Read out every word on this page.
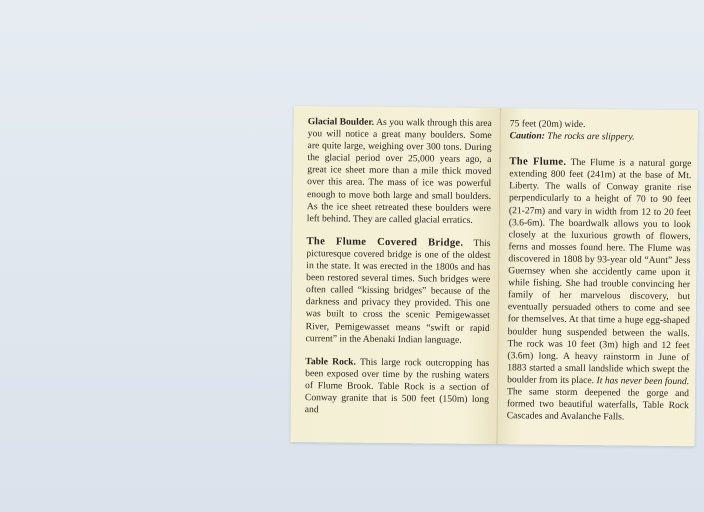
Glacial Boulder. As you walk through this area you will notice a great many boulders. Some are quite large, weighing over 300 tons. During the glacial period over 25,000 years ago, a great ice sheet more than a mile thick moved over this area. The mass of ice was powerful enough to move both large and small boulders. As the ice sheet retreated these boulders were left behind. They are called glacial erratics.

The Flume Covered Bridge. This picturesque covered bridge is one of the oldest in the state. It was erected in the 1800s and has been restored several times. Such bridges were often called “kissing bridges” because of the darkness and privacy they provided. This one was built to cross the scenic Pemigewasset River, Pemigewasset means “swift or rapid current” in the Abenaki Indian language.

Table Rock. This large rock outcropping has been exposed over time by the rushing waters of Flume Brook. Table Rock is a section of Conway granite that is 500 feet (150m) long and

75 feet (20m) wide.
Caution: The rocks are slippery.

The Flume. The Flume is a natural gorge extending 800 feet (241m) at the base of Mt. Liberty. The walls of Conway granite rise perpendicularly to a height of 70 to 90 feet (21-27m) and vary in width from 12 to 20 feet (3.6-6m). The boardwalk allows you to look closely at the luxurious growth of flowers, ferns and mosses found here. The Flume was discovered in 1808 by 93-year old “Aunt” Jess Guernsey when she accidently came upon it while fishing. She had trouble convincing her family of her marvelous discovery, but eventually persuaded others to come and see for themselves. At that time a huge egg-shaped boulder hung suspended between the walls. The rock was 10 feet (3m) high and 12 feet (3.6m) long. A heavy rainstorm in June of 1883 started a small landslide which swept the boulder from its place. It has never been found. The same storm deepened the gorge and formed two beautiful waterfalls, Table Rock Cascades and Avalanche Falls.
